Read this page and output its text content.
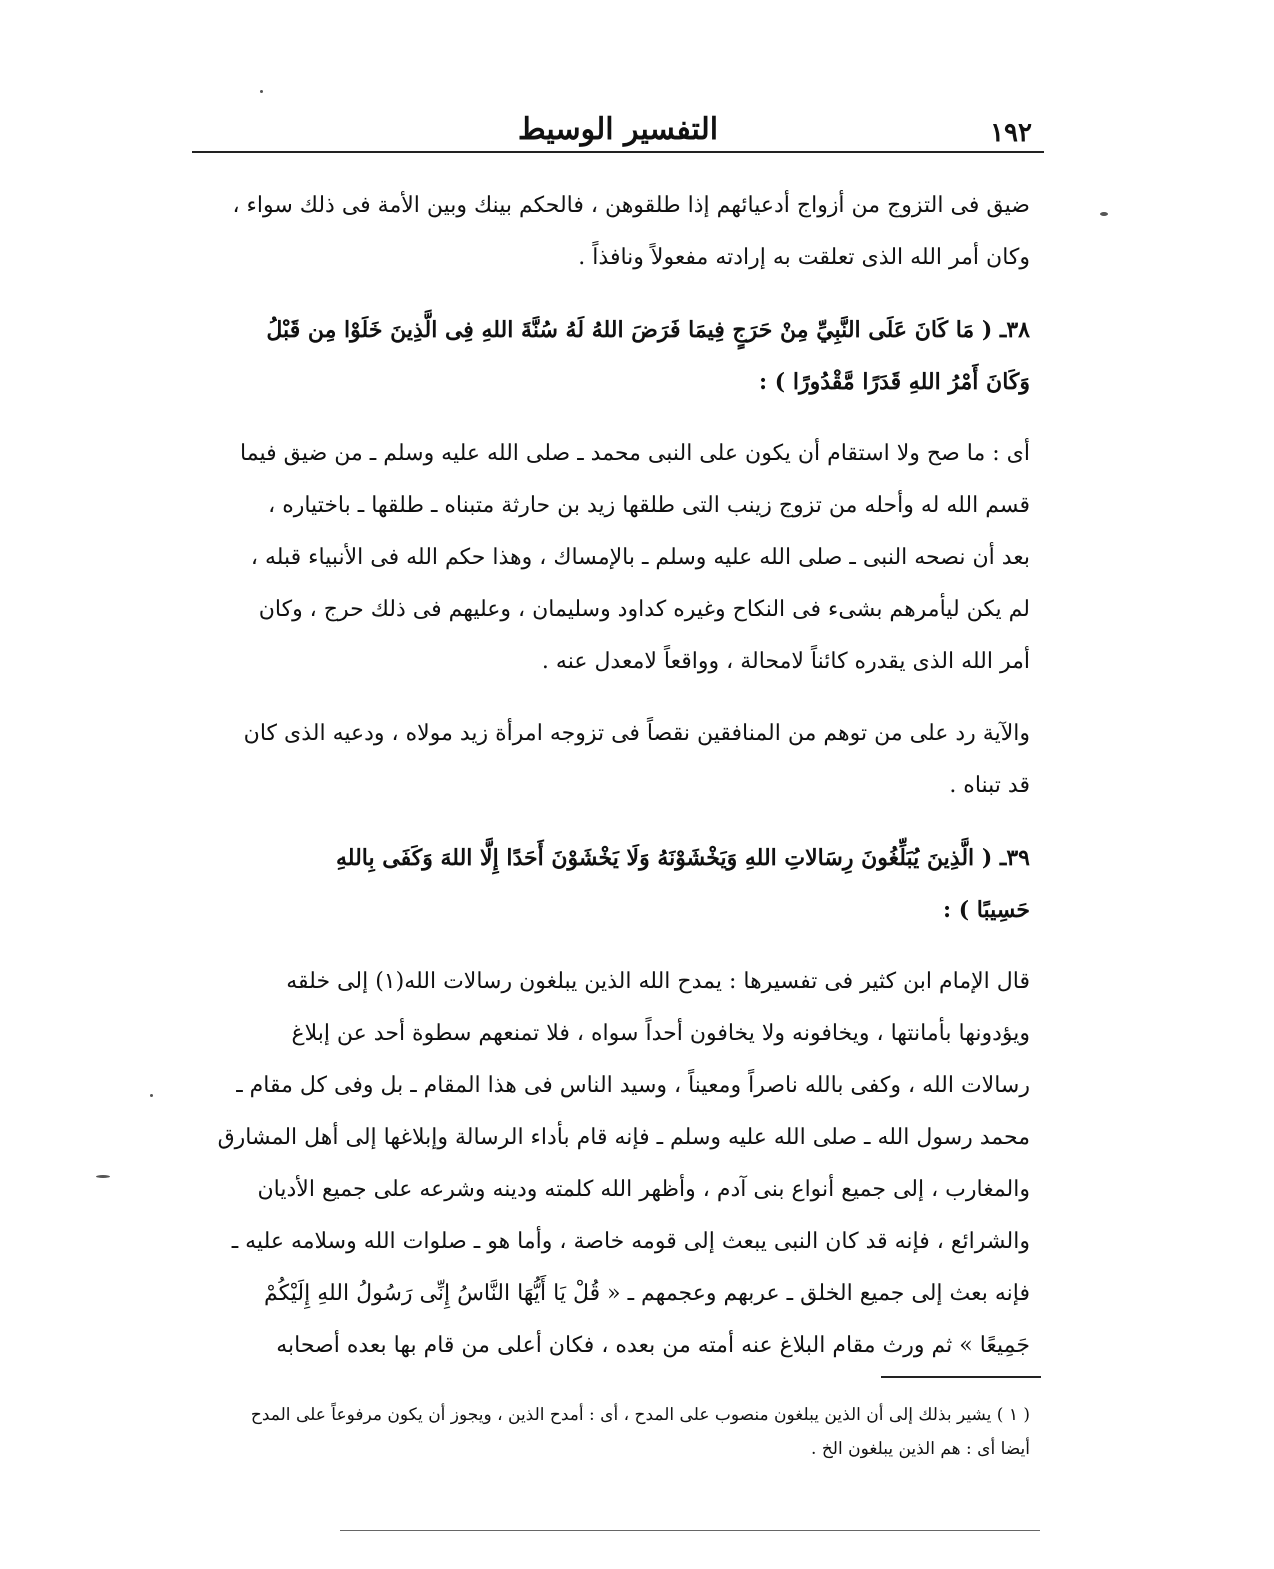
١٩٢
التفسير الوسيط

ضيق فى التزوج من أزواج أدعيائهم إذا طلقوهن ، فالحكم بينك وبين الأمة فى ذلك سواء ،
وكان أمر الله الذى تعلقت به إرادته مفعولاً ونافذاً .

٣٨ـ ( مَا كَانَ عَلَى النَّبِيِّ مِنْ حَرَجٍ فِيمَا فَرَضَ اللهُ لَهُ سُنَّةَ اللهِ فِى الَّذِينَ خَلَوْا مِن قَبْلُ
وَكَانَ أَمْرُ اللهِ قَدَرًا مَّقْدُورًا ) :

أى : ما صح ولا استقام أن يكون على النبى محمد ـ صلى الله عليه وسلم ـ من ضيق فيما
قسم الله له وأحله من تزوج زينب التى طلقها زيد بن حارثة متبناه ـ طلقها ـ باختياره ،
بعد أن نصحه النبى ـ صلى الله عليه وسلم ـ بالإمساك ، وهذا حكم الله فى الأنبياء قبله ،
لم يكن ليأمرهم بشىء فى النكاح وغيره كداود وسليمان ، وعليهم فى ذلك حرج ، وكان
أمر الله الذى يقدره كائناً لامحالة ، وواقعاً لامعدل عنه .

والآية رد على من توهم من المنافقين نقصاً فى تزوجه امرأة زيد مولاه ، ودعيه الذى كان
قد تبناه .

٣٩ـ ( الَّذِينَ يُبَلِّغُونَ رِسَالاتِ اللهِ وَيَخْشَوْنَهُ وَلَا يَخْشَوْنَ أَحَدًا إِلَّا اللهَ وَكَفَى بِاللهِ
حَسِيبًا ) :

قال الإمام ابن كثير فى تفسيرها : يمدح الله الذين يبلغون رسالات الله(١) إلى خلقه
ويؤدونها بأمانتها ، ويخافونه ولا يخافون أحداً سواه ، فلا تمنعهم سطوة أحد عن إبلاغ
رسالات الله ، وكفى بالله ناصراً ومعيناً ، وسيد الناس فى هذا المقام ـ بل وفى كل مقام ـ
محمد رسول الله ـ صلى الله عليه وسلم ـ فإنه قام بأداء الرسالة وإبلاغها إلى أهل المشارق
والمغارب ، إلى جميع أنواع بنى آدم ، وأظهر الله كلمته ودينه وشرعه على جميع الأديان
والشرائع ، فإنه قد كان النبى يبعث إلى قومه خاصة ، وأما هو ـ صلوات الله وسلامه عليه ـ
فإنه بعث إلى جميع الخلق ـ عربهم وعجمهم ـ « قُلْ يَا أَيُّهَا النَّاسُ إِنِّى رَسُولُ اللهِ إِلَيْكُمْ
جَمِيعًا » ثم ورث مقام البلاغ عنه أمته من بعده ، فكان أعلى من قام بها بعده أصحابه

( ١ ) يشير بذلك إلى أن الذين يبلغون منصوب على المدح ، أى : أمدح الذين ، ويجوز أن يكون مرفوعاً على المدح

أيضا أى : هم الذين يبلغون الخ .
